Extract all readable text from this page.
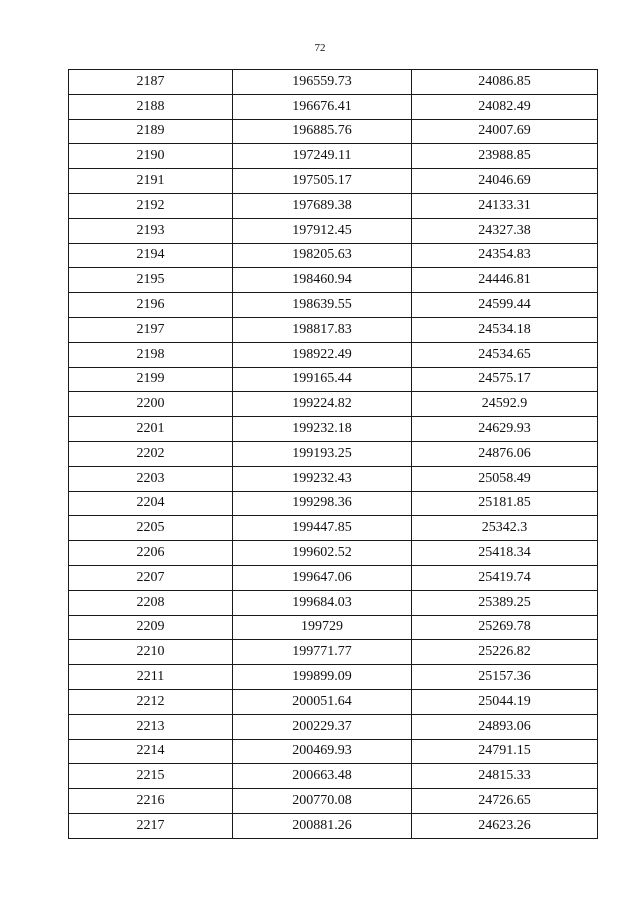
72
2187	196559.73	24086.85
2188	196676.41	24082.49
2189	196885.76	24007.69
2190	197249.11	23988.85
2191	197505.17	24046.69
2192	197689.38	24133.31
2193	197912.45	24327.38
2194	198205.63	24354.83
2195	198460.94	24446.81
2196	198639.55	24599.44
2197	198817.83	24534.18
2198	198922.49	24534.65
2199	199165.44	24575.17
2200	199224.82	24592.9
2201	199232.18	24629.93
2202	199193.25	24876.06
2203	199232.43	25058.49
2204	199298.36	25181.85
2205	199447.85	25342.3
2206	199602.52	25418.34
2207	199647.06	25419.74
2208	199684.03	25389.25
2209	199729	25269.78
2210	199771.77	25226.82
2211	199899.09	25157.36
2212	200051.64	25044.19
2213	200229.37	24893.06
2214	200469.93	24791.15
2215	200663.48	24815.33
2216	200770.08	24726.65
2217	200881.26	24623.26
